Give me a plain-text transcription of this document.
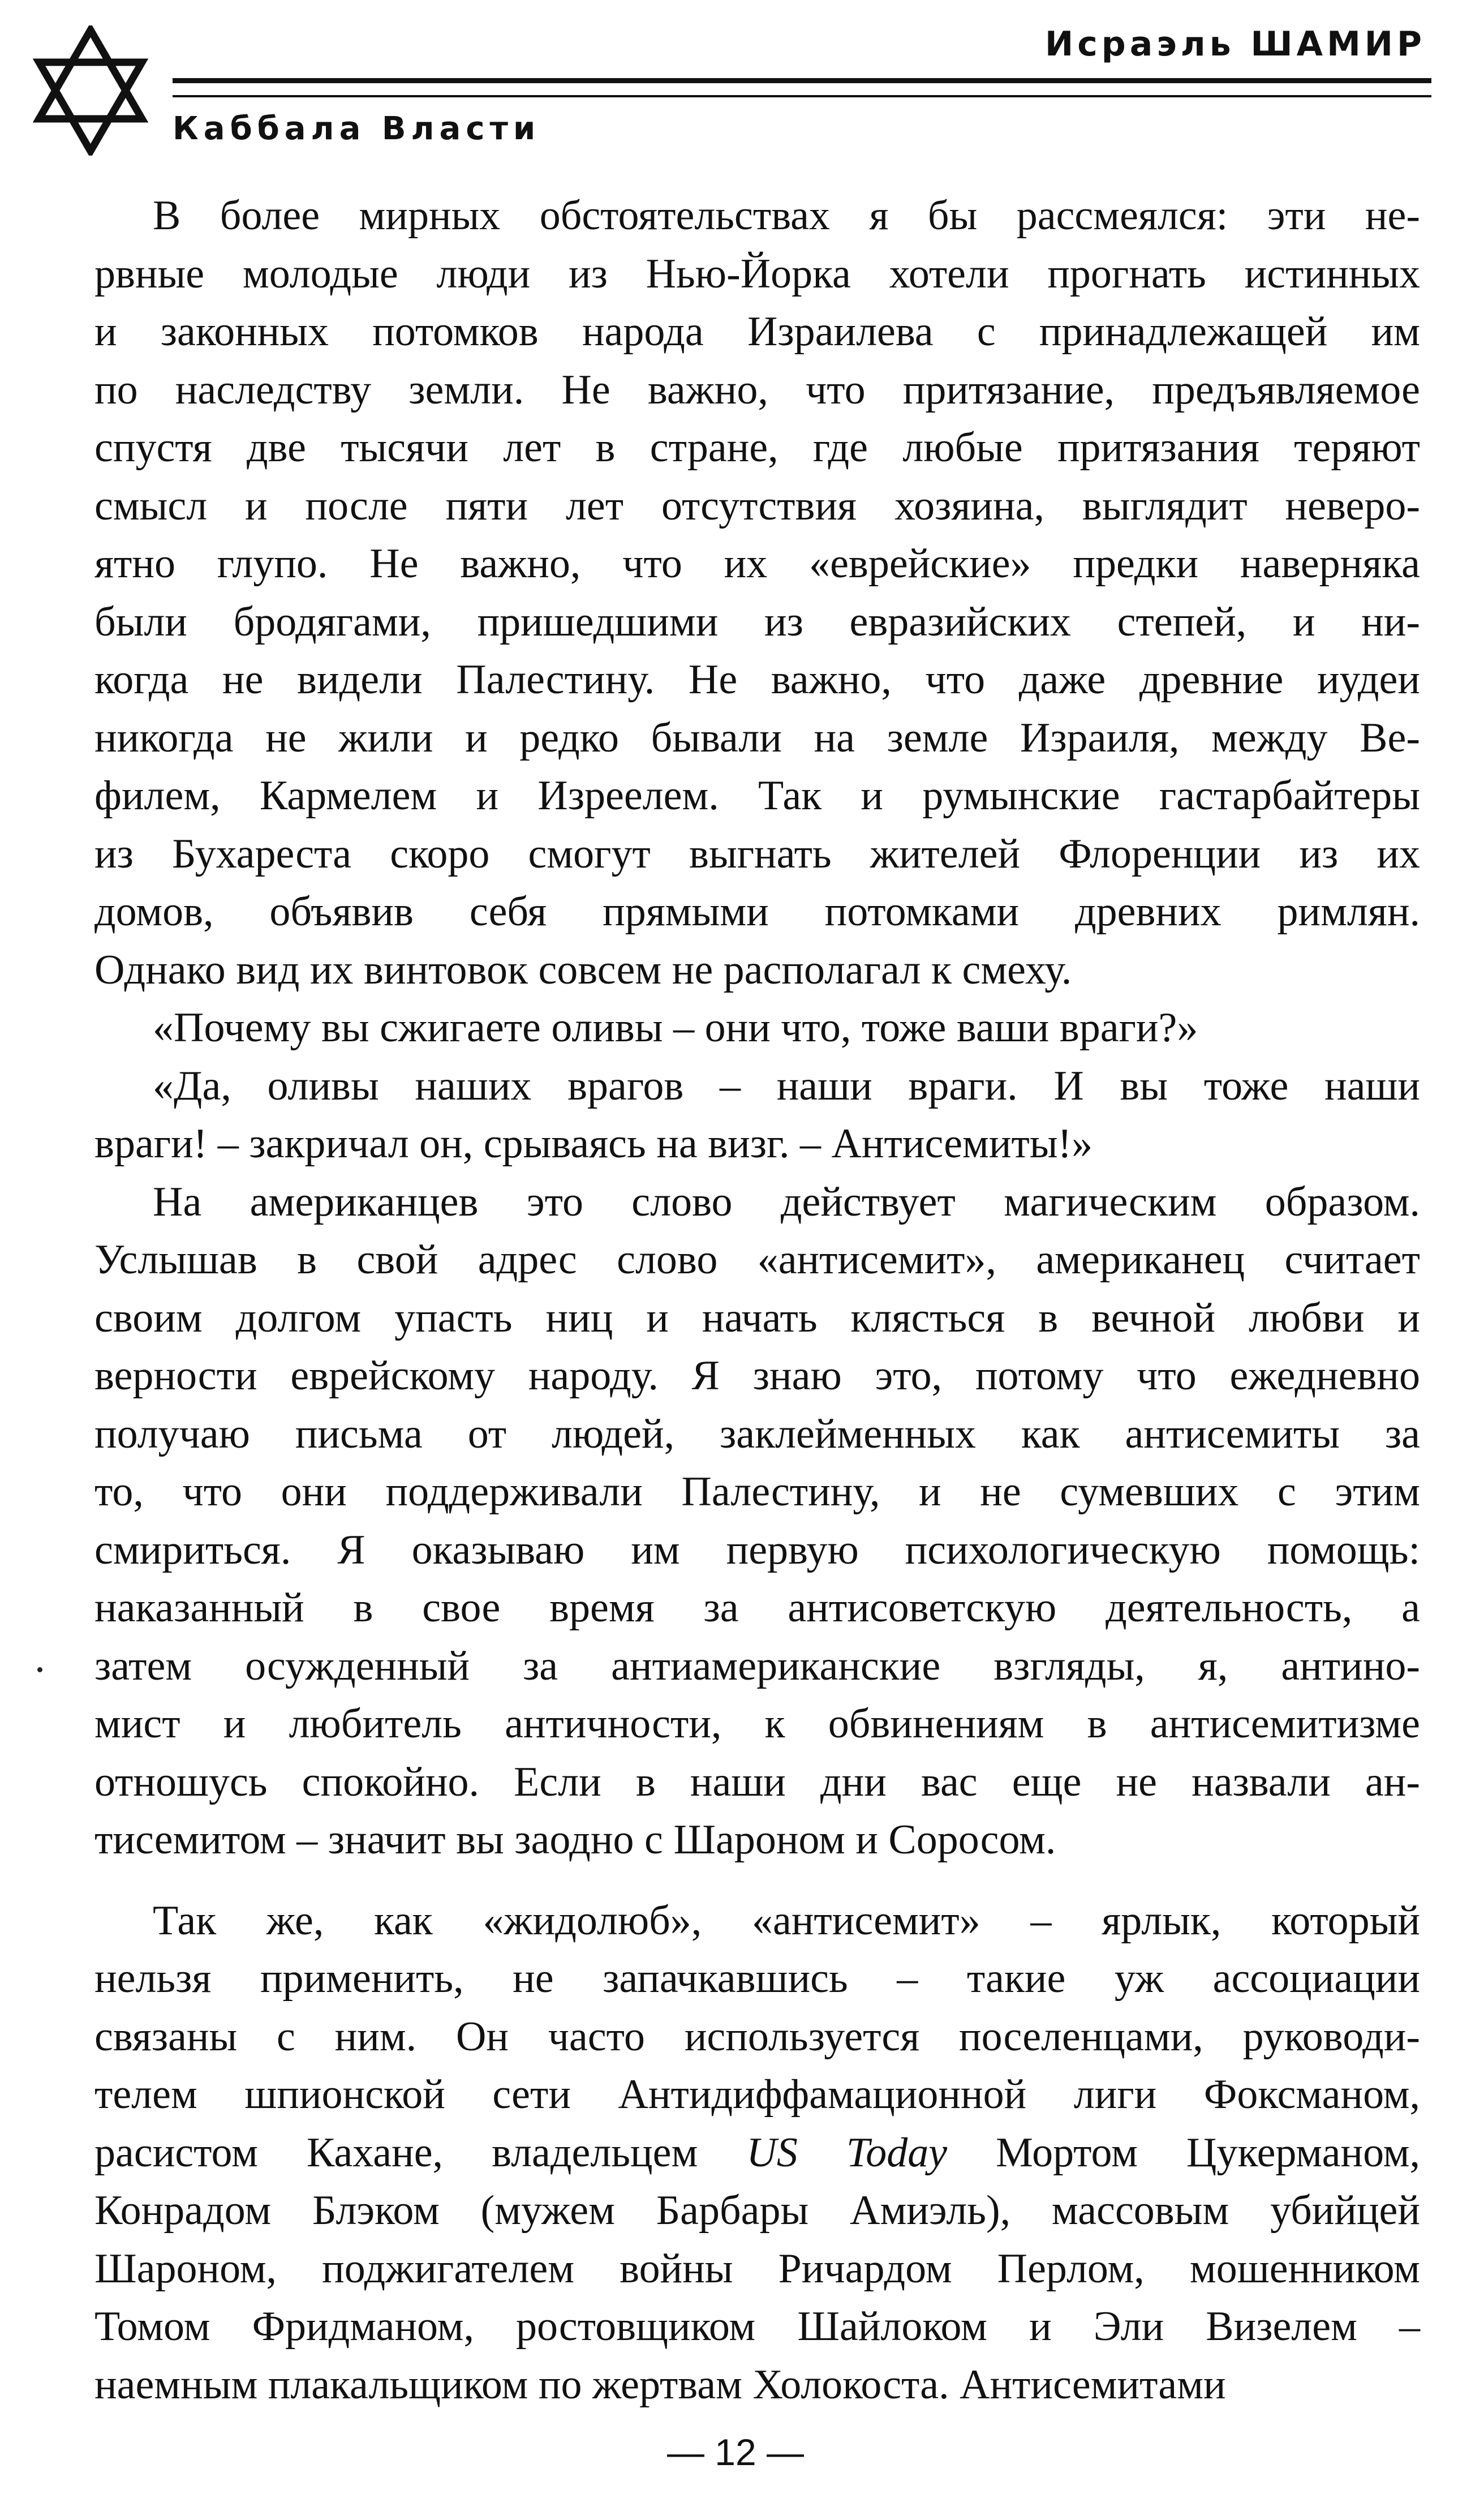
Исраэль ШАМИР
Каббала Власти
В более мирных обстоятельствах я бы рассмеялся: эти не-
рвные молодые люди из Нью-Йорка хотели прогнать истинных
и законных потомков народа Израилева с принадлежащей им
по наследству земли. Не важно, что притязание, предъявляемое
спустя две тысячи лет в стране, где любые притязания теряют
смысл и после пяти лет отсутствия хозяина, выглядит неверо-
ятно глупо. Не важно, что их «еврейские» предки наверняка
были бродягами, пришедшими из евразийских степей, и ни-
когда не видели Палестину. Не важно, что даже древние иудеи
никогда не жили и редко бывали на земле Израиля, между Ве-
филем, Кармелем и Изреелем. Так и румынские гастарбайтеры
из Бухареста скоро смогут выгнать жителей Флоренции из их
домов, объявив себя прямыми потомками древних римлян.
Однако вид их винтовок совсем не располагал к смеху.
«Почему вы сжигаете оливы – они что, тоже ваши враги?»
«Да, оливы наших врагов – наши враги. И вы тоже наши
враги! – закричал он, срываясь на визг. – Антисемиты!»
На американцев это слово действует магическим образом.
Услышав в свой адрес слово «антисемит», американец считает
своим долгом упасть ниц и начать клясться в вечной любви и
верности еврейскому народу. Я знаю это, потому что ежедневно
получаю письма от людей, заклейменных как антисемиты за
то, что они поддерживали Палестину, и не сумевших с этим
смириться. Я оказываю им первую психологическую помощь:
наказанный в свое время за антисоветскую деятельность, а
затем осужденный за антиамериканские взгляды, я, антино-
мист и любитель античности, к обвинениям в антисемитизме
отношусь спокойно. Если в наши дни вас еще не назвали ан-
тисемитом – значит вы заодно с Шароном и Соросом.
Так же, как «жидолюб», «антисемит» – ярлык, который
нельзя применить, не запачкавшись – такие уж ассоциации
связаны с ним. Он часто используется поселенцами, руководи-
телем шпионской сети Антидиффамационной лиги Фоксманом,
расистом Кахане, владельцем US Today Мортом Цукерманом,
Конрадом Блэком (мужем Барбары Амиэль), массовым убийцей
Шароном, поджигателем войны Ричардом Перлом, мошенником
Томом Фридманом, ростовщиком Шайлоком и Эли Визелем –
наемным плакальщиком по жертвам Холокоста. Антисемитами
— 12 —
